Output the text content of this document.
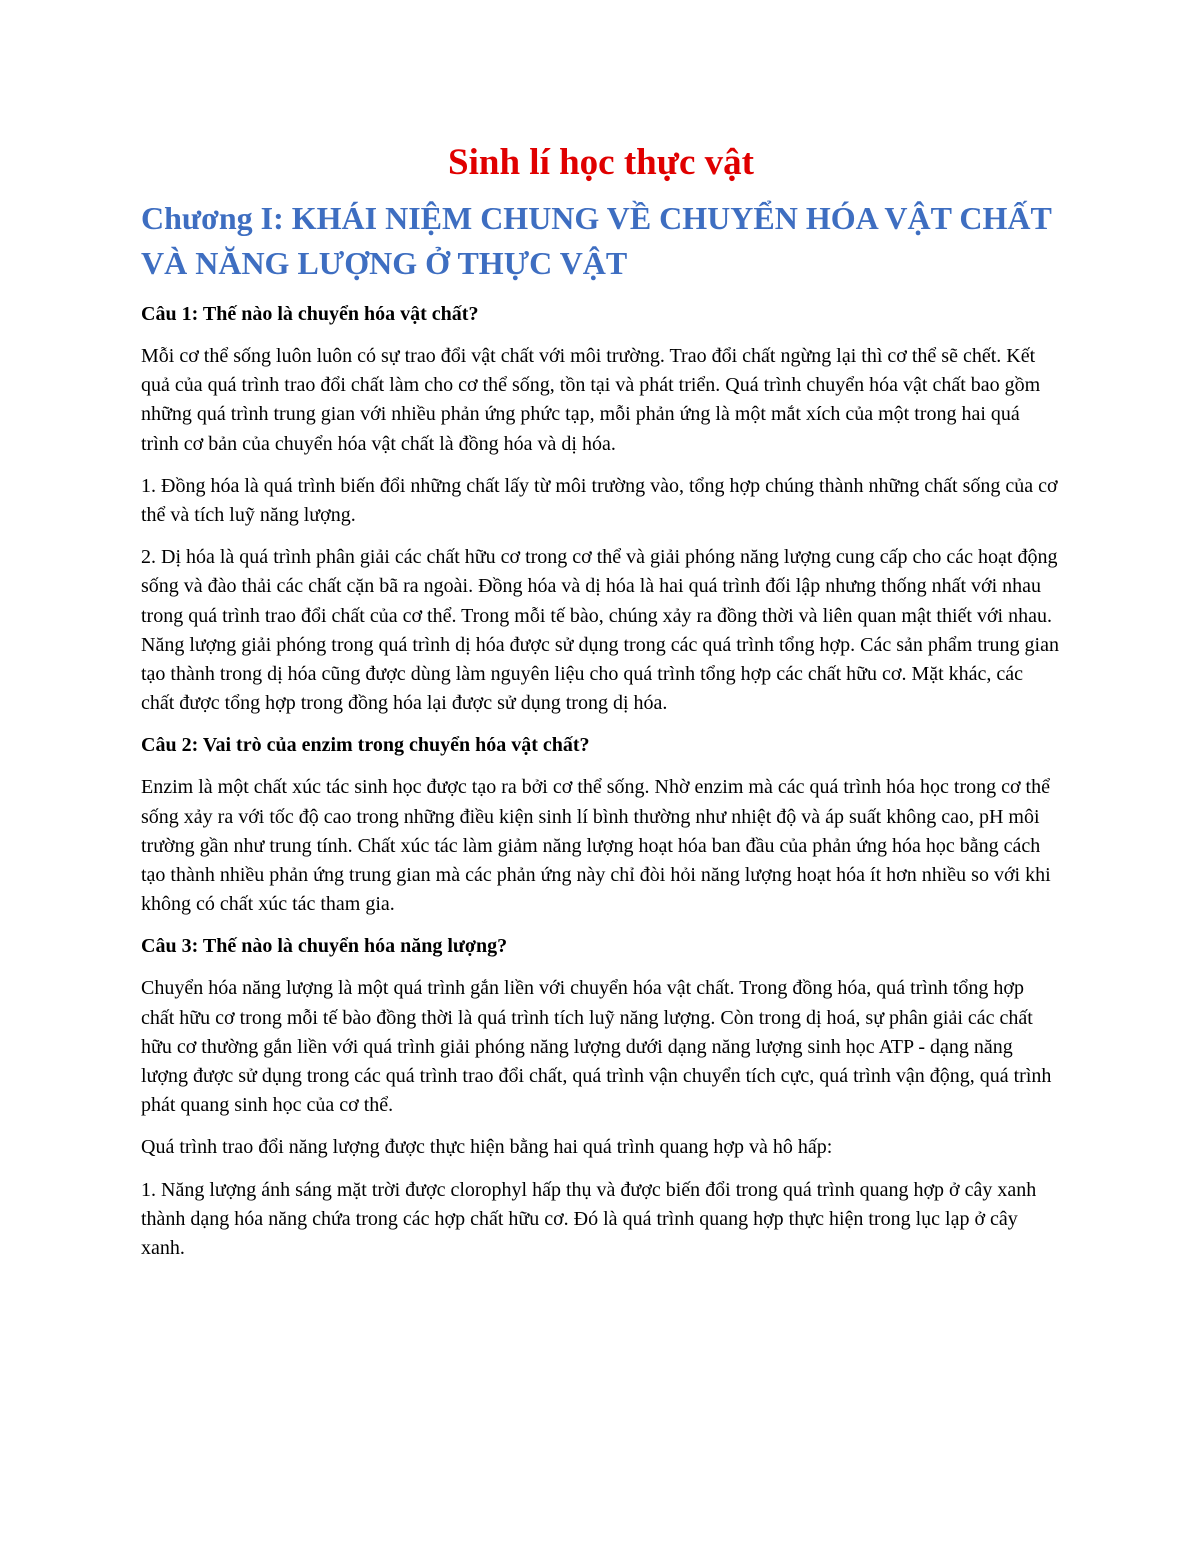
Sinh lí học thực vật
Chương I: KHÁI NIỆM CHUNG VỀ CHUYỂN HÓA VẬT CHẤT VÀ NĂNG LƯỢNG Ở THỰC VẬT

Câu 1: Thế nào là chuyển hóa vật chất?

Mỗi cơ thể sống luôn luôn có sự trao đổi vật chất với môi trường. Trao đổi chất ngừng lại thì cơ thể sẽ chết. Kết quả của quá trình trao đổi chất làm cho cơ thể sống, tồn tại và phát triển. Quá trình chuyển hóa vật chất bao gồm những quá trình trung gian với nhiều phản ứng phức tạp, mỗi phản ứng là một mắt xích của một trong hai quá trình cơ bản của chuyển hóa vật chất là đồng hóa và dị hóa.

1. Đồng hóa là quá trình biến đổi những chất lấy từ môi trường vào, tổng hợp chúng thành những chất sống của cơ thể và tích luỹ năng lượng.

2. Dị hóa là quá trình phân giải các chất hữu cơ trong cơ thể và giải phóng năng lượng cung cấp cho các hoạt động sống và đào thải các chất cặn bã ra ngoài. Đồng hóa và dị hóa là hai quá trình đối lập nhưng thống nhất với nhau trong quá trình trao đổi chất của cơ thể. Trong mỗi tế bào, chúng xảy ra đồng thời và liên quan mật thiết với nhau. Năng lượng giải phóng trong quá trình dị hóa được sử dụng trong các quá trình tổng hợp. Các sản phẩm trung gian tạo thành trong dị hóa cũng được dùng làm nguyên liệu cho quá trình tổng hợp các chất hữu cơ. Mặt khác, các chất được tổng hợp trong đồng hóa lại được sử dụng trong dị hóa.

Câu 2: Vai trò của enzim trong chuyển hóa vật chất?

Enzim là một chất xúc tác sinh học được tạo ra bởi cơ thể sống. Nhờ enzim mà các quá trình hóa học trong cơ thể sống xảy ra với tốc độ cao trong những điều kiện sinh lí bình thường như nhiệt độ và áp suất không cao, pH môi trường gần như trung tính. Chất xúc tác làm giảm năng lượng hoạt hóa ban đầu của phản ứng hóa học bằng cách tạo thành nhiều phản ứng trung gian mà các phản ứng này chỉ đòi hỏi năng lượng hoạt hóa ít hơn nhiều so với khi không có chất xúc tác tham gia.

Câu 3: Thế nào là chuyển hóa năng lượng?

Chuyển hóa năng lượng là một quá trình gắn liền với chuyển hóa vật chất. Trong đồng hóa, quá trình tổng hợp chất hữu cơ trong mỗi tế bào đồng thời là quá trình tích luỹ năng lượng. Còn trong dị hoá, sự phân giải các chất hữu cơ thường gắn liền với quá trình giải phóng năng lượng dưới dạng năng lượng sinh học ATP - dạng năng lượng được sử dụng trong các quá trình trao đổi chất, quá trình vận chuyển tích cực, quá trình vận động, quá trình phát quang sinh học của cơ thể.

Quá trình trao đổi năng lượng được thực hiện bằng hai quá trình quang hợp và hô hấp:

1. Năng lượng ánh sáng mặt trời được clorophyl hấp thụ và được biến đổi trong quá trình quang hợp ở cây xanh thành dạng hóa năng chứa trong các hợp chất hữu cơ. Đó là quá trình quang hợp thực hiện trong lục lạp ở cây xanh.
